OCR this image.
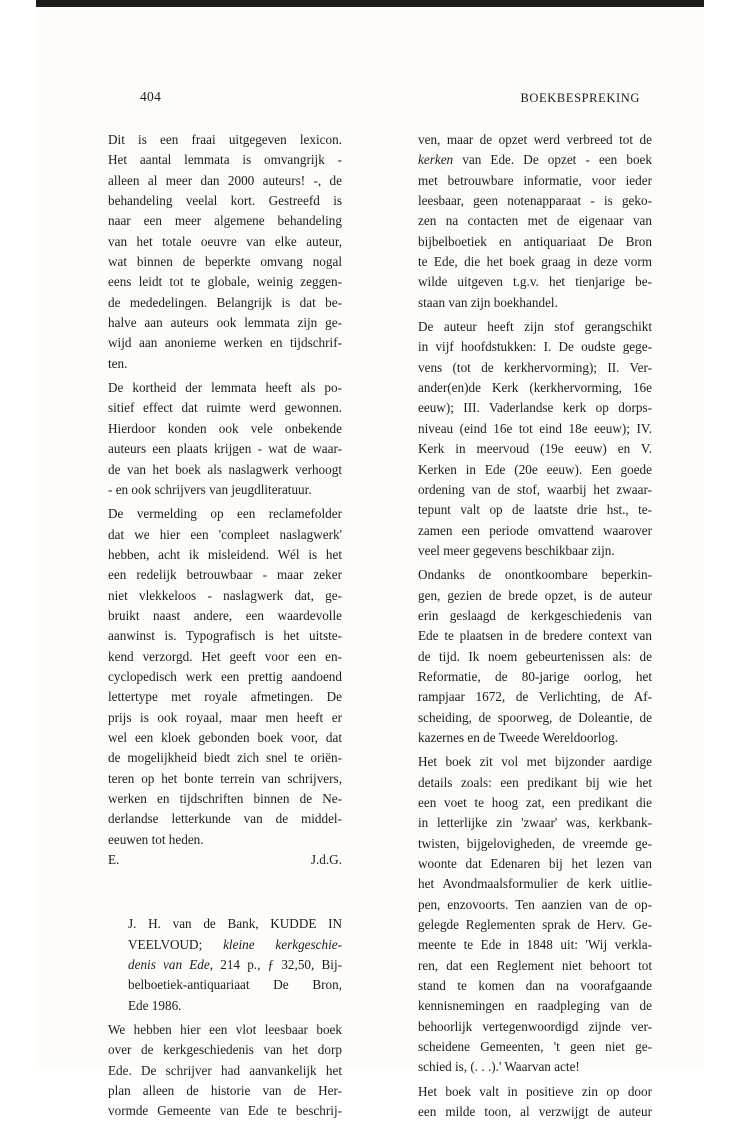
404	BOEKBESPREKING
Dit is een fraai uitgegeven lexicon.
Het aantal lemmata is omvangrijk -
alleen al meer dan 2000 auteurs! -, de
behandeling veelal kort. Gestreefd is
naar een meer algemene behandeling
van het totale oeuvre van elke auteur,
wat binnen de beperkte omvang nogal
eens leidt tot te globale, weinig zeggen-
de mededelingen. Belangrijk is dat be-
halve aan auteurs ook lemmata zijn ge-
wijd aan anonieme werken en tijdschrif-
ten.
De kortheid der lemmata heeft als po-
sitief effect dat ruimte werd gewonnen.
Hierdoor konden ook vele onbekende
auteurs een plaats krijgen - wat de waar-
de van het boek als naslagwerk verhoogt
- en ook schrijvers van jeugdliteratuur.
De vermelding op een reclamefolder
dat we hier een 'compleet naslagwerk'
hebben, acht ik misleidend. Wél is het
een redelijk betrouwbaar - maar zeker
niet vlekkeloos - naslagwerk dat, ge-
bruikt naast andere, een waardevolle
aanwinst is. Typografisch is het uitste-
kend verzorgd. Het geeft voor een en-
cyclopedisch werk een prettig aandoend
lettertype met royale afmetingen. De
prijs is ook royaal, maar men heeft er
wel een kloek gebonden boek voor, dat
de mogelijkheid biedt zich snel te oriën-
teren op het bonte terrein van schrijvers,
werken en tijdschriften binnen de Ne-
derlandse letterkunde van de middel-
eeuwen tot heden.
E.	J.d.G.
J. H. van de Bank, KUDDE IN
VEELVOUD; kleine kerkgeschie-
denis van Ede, 214 p., ƒ 32,50, Bij-
belboetiek-antiquariaat De Bron,
Ede 1986.
We hebben hier een vlot leesbaar boek
over de kerkgeschiedenis van het dorp
Ede. De schrijver had aanvankelijk het
plan alleen de historie van de Her-
vormde Gemeente van Ede te beschrij-
ven, maar de opzet werd verbreed tot de
kerken van Ede. De opzet - een boek
met betrouwbare informatie, voor ieder
leesbaar, geen notenapparaat - is geko-
zen na contacten met de eigenaar van
bijbelboetiek en antiquariaat De Bron
te Ede, die het boek graag in deze vorm
wilde uitgeven t.g.v. het tienjarige be-
staan van zijn boekhandel.
De auteur heeft zijn stof gerangschikt
in vijf hoofdstukken: I. De oudste gege-
vens (tot de kerkhervorming); II. Ver-
ander(en)de Kerk (kerkhervorming, 16e
eeuw); III. Vaderlandse kerk op dorps-
niveau (eind 16e tot eind 18e eeuw); IV.
Kerk in meervoud (19e eeuw) en V.
Kerken in Ede (20e eeuw). Een goede
ordening van de stof, waarbij het zwaar-
tepunt valt op de laatste drie hst., te-
zamen een periode omvattend waarover
veel meer gegevens beschikbaar zijn.
Ondanks de onontkoombare beperkin-
gen, gezien de brede opzet, is de auteur
erin geslaagd de kerkgeschiedenis van
Ede te plaatsen in de bredere context van
de tijd. Ik noem gebeurtenissen als: de
Reformatie, de 80-jarige oorlog, het
rampjaar 1672, de Verlichting, de Af-
scheiding, de spoorweg, de Doleantie, de
kazernes en de Tweede Wereldoorlog.
Het boek zit vol met bijzonder aardige
details zoals: een predikant bij wie het
een voet te hoog zat, een predikant die
in letterlijke zin 'zwaar' was, kerkbank-
twisten, bijgelovigheden, de vreemde ge-
woonte dat Edenaren bij het lezen van
het Avondmaalsformulier de kerk uitlie-
pen, enzovoorts. Ten aanzien van de op-
gelegde Reglementen sprak de Herv. Ge-
meente te Ede in 1848 uit: 'Wij verkla-
ren, dat een Reglement niet behoort tot
stand te komen dan na voorafgaande
kennisnemingen en raadpleging van de
behoorlijk vertegenwoordigd zijnde ver-
scheidene Gemeenten, 't geen niet ge-
schied is, (. . .).' Waarvan acte!
Het boek valt in positieve zin op door
een milde toon, al verzwijgt de auteur
